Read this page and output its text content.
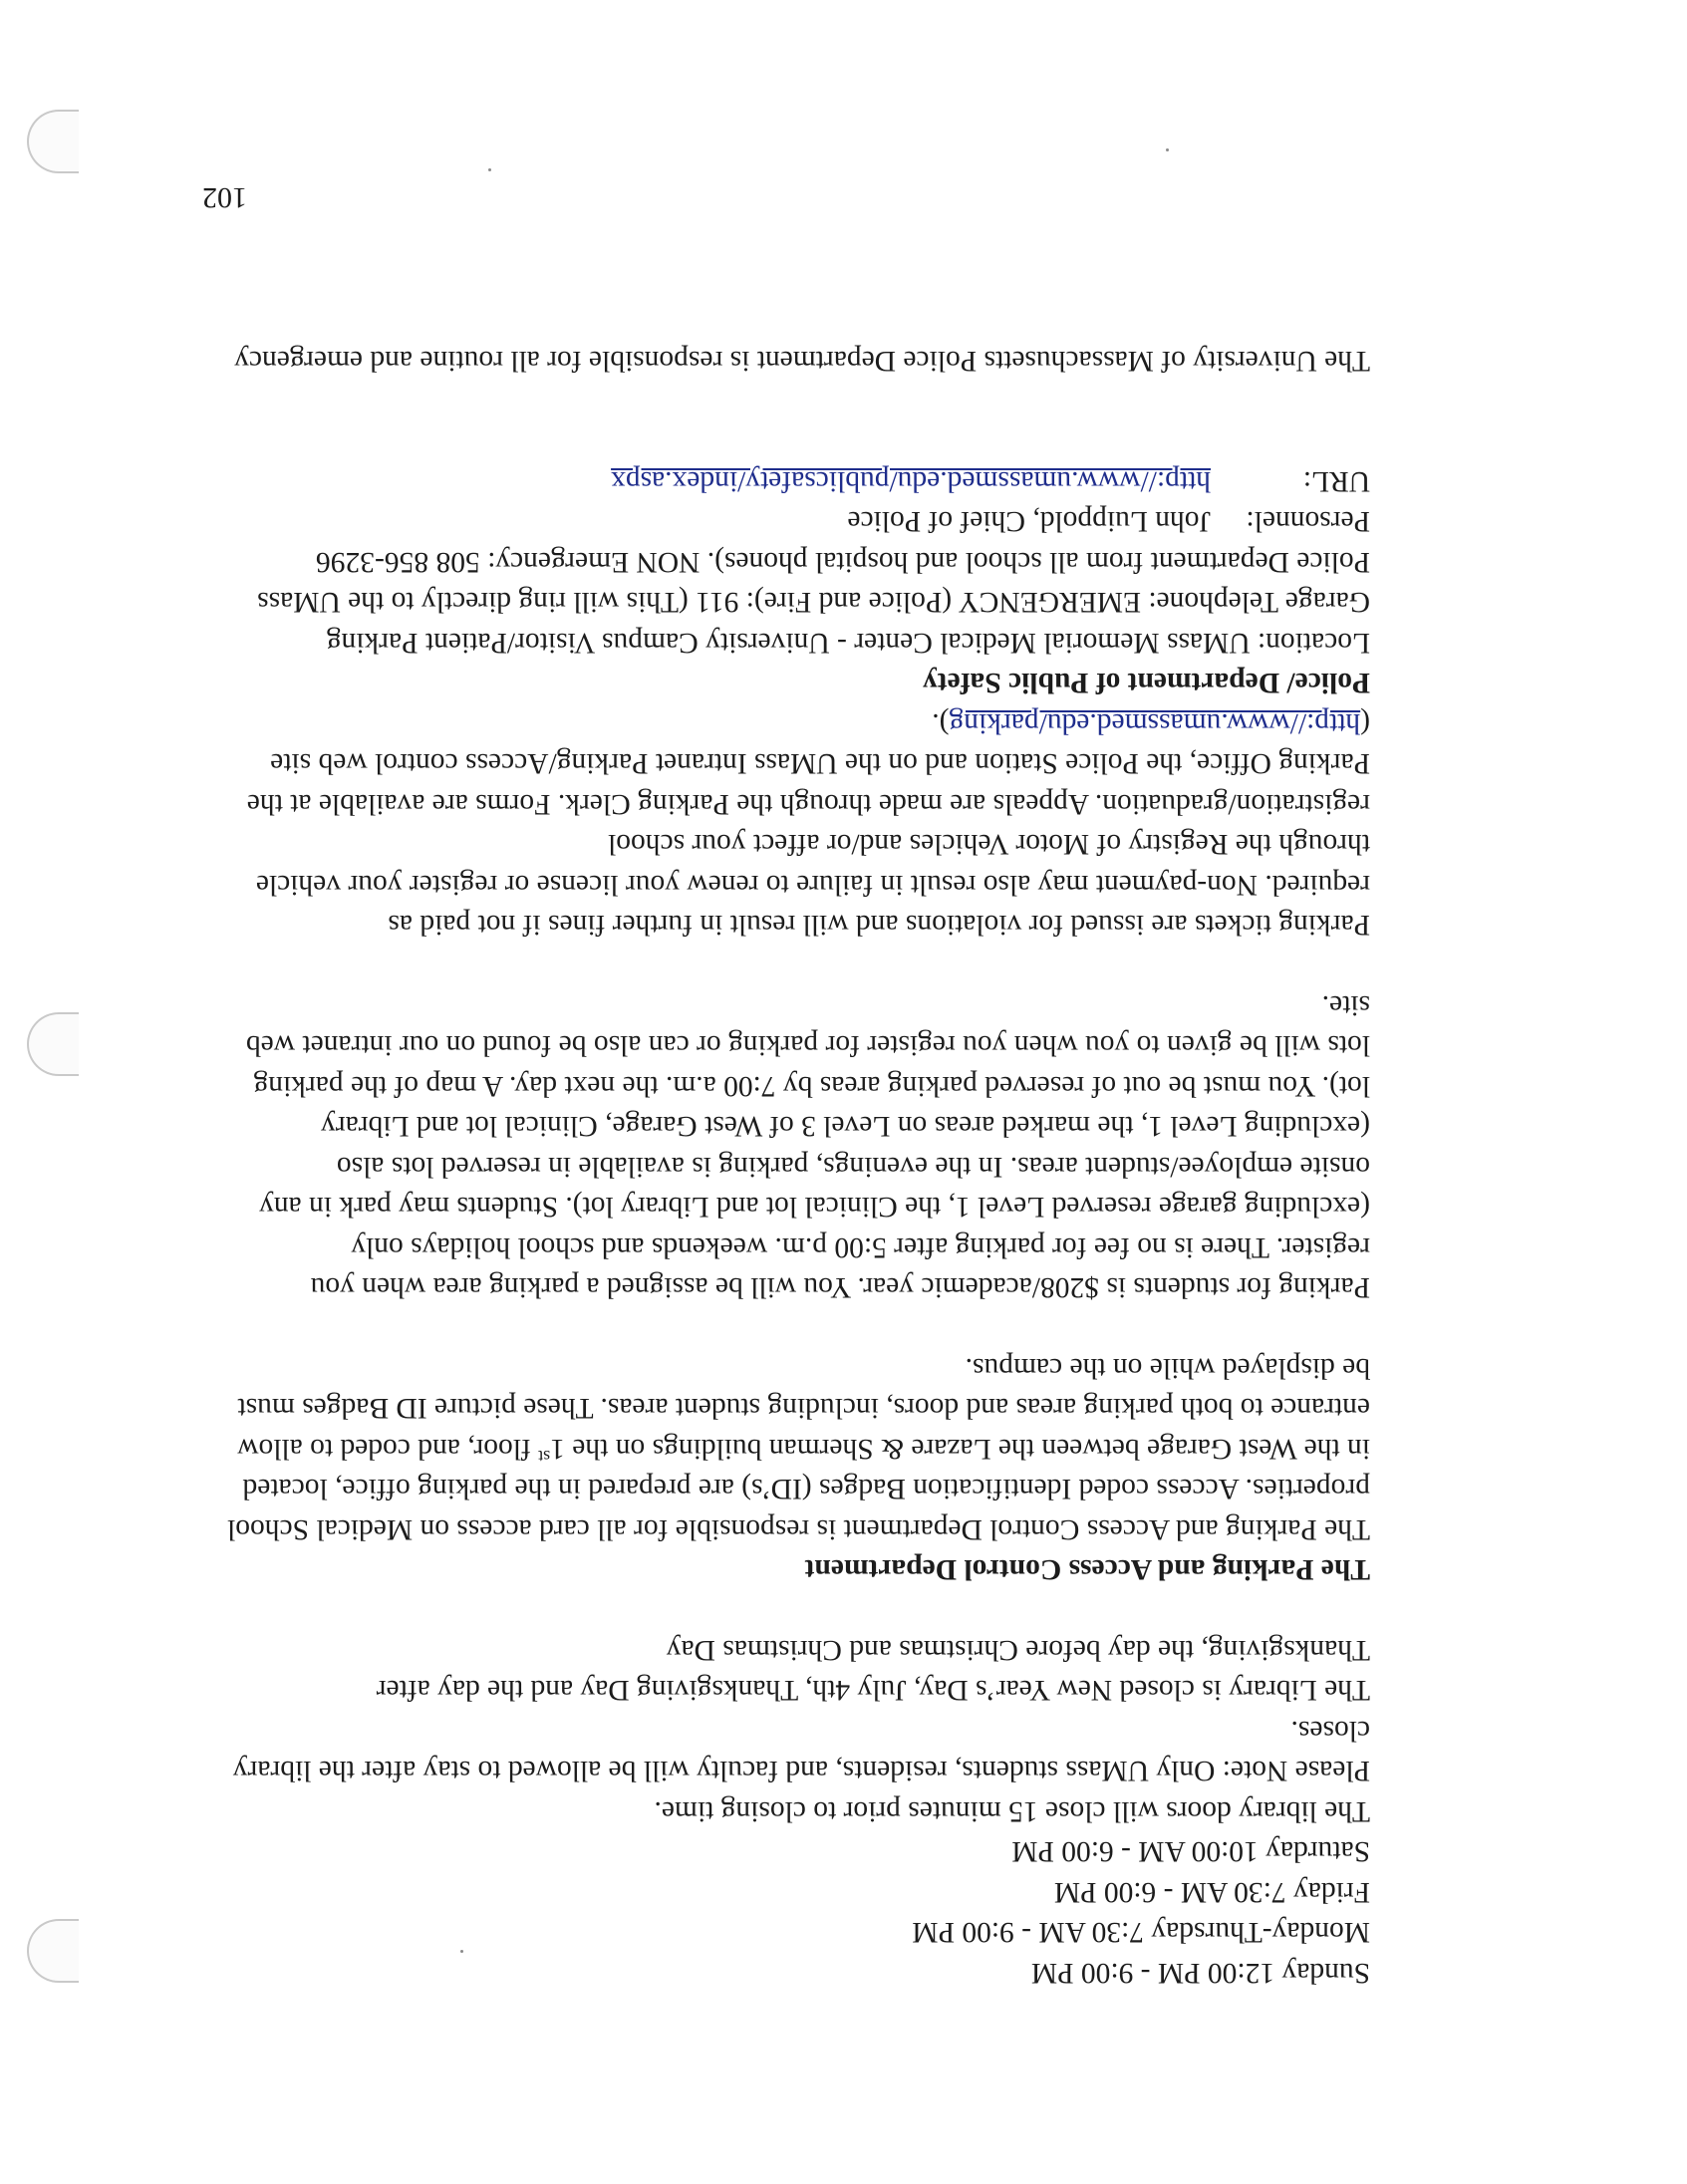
Sunday 12:00 PM - 9:00 PM

Monday-Thursday 7:30 AM - 9:00 PM

Friday 7:30 AM - 6:00 PM

Saturday 10:00 AM - 6:00 PM

The library doors will close 15 minutes prior to closing time.

Please Note: Only UMass students, residents, and faculty will be allowed to stay after the library

closes.

The Library is closed New Year’s Day, July 4th, Thanksgiving Day and the day after

Thanksgiving, the day before Christmas and Christmas Day

The Parking and Access Control Department

The Parking and Access Control Department is responsible for all card access on Medical School

properties. Access coded Identification Badges (ID’s) are prepared in the parking office, located

in the West Garage between the Lazare & Sherman buildings on the 1st floor, and coded to allow

entrance to both parking areas and doors, including student areas. These picture ID Badges must

be displayed while on the campus.

Parking for students is $208/academic year. You will be assigned a parking area when you

register. There is no fee for parking after 5:00 p.m. weekends and school holidays only

(excluding garage reserved Level 1, the Clinical lot and Library lot). Students may park in any

onsite employee/student areas. In the evenings, parking is available in reserved lots also

(excluding Level 1, the marked areas on Level 3 of West Garage, Clinical lot and Library

lot). You must be out of reserved parking areas by 7:00 a.m. the next day. A map of the parking

lots will be given to you when you register for parking or can also be found on our intranet web

site.

Parking tickets are issued for violations and will result in further fines if not paid as

required. Non-payment may also result in failure to renew your license or register your vehicle

through the Registry of Motor Vehicles and/or affect your school

registration/graduation. Appeals are made through the Parking Clerk. Forms are available at the

Parking Office, the Police Station and on the UMass Intranet Parking/Access control web site

(http://www.umassmed.edu/parking).

Police/ Department of Public Safety

Location: UMass Memorial Medical Center - University Campus Visitor/Patient Parking

Garage Telephone: EMERGENCY (Police and Fire): 911 (This will ring directly to the UMass

Police Department from all school and hospital phones). NON Emergency: 508 856-3296

Personnel:
John Luippold, Chief of Police
URL:
http://www.umassmed.edu/publicsafety/index.aspx

The University of Massachusetts Police Department is responsible for all routine and emergency

102
